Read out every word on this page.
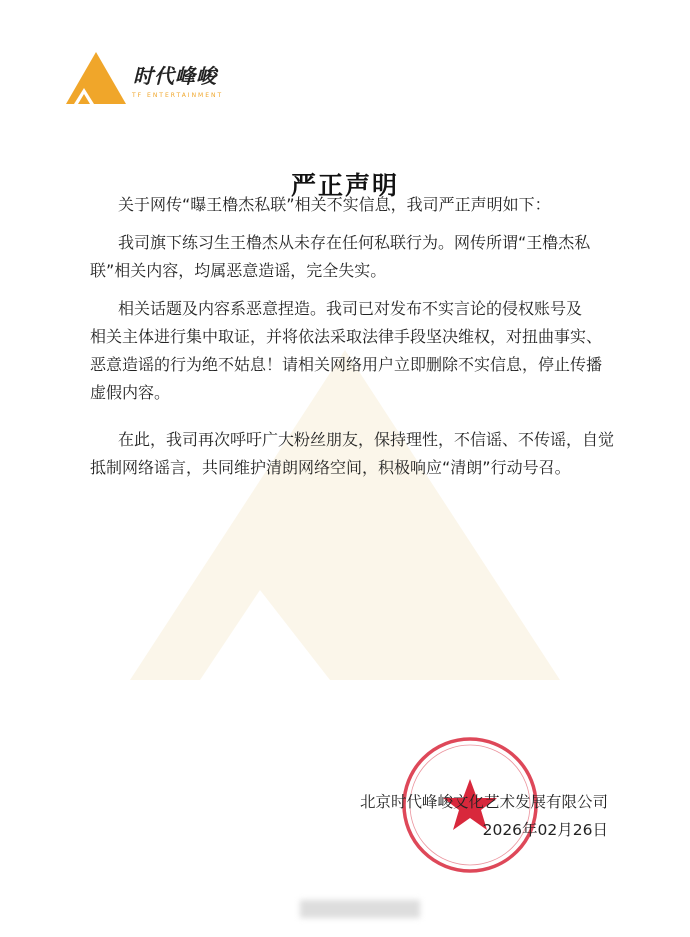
时代峰峻
TF ENTERTAINMENT
严正声明
关于网传“曝王橹杰私联”相关不实信息，我司严正声明如下：
我司旗下练习生王橹杰从未存在任何私联行为。网传所谓“王橹杰私
联”相关内容，均属恶意造谣，完全失实。
相关话题及内容系恶意捏造。我司已对发布不实言论的侵权账号及
相关主体进行集中取证，并将依法采取法律手段坚决维权，对扭曲事实、
恶意造谣的行为绝不姑息！请相关网络用户立即删除不实信息，停止传播
虚假内容。
在此，我司再次呼吁广大粉丝朋友，保持理性，不信谣、不传谣，自觉
抵制网络谣言，共同维护清朗网络空间，积极响应“清朗”行动号召。
北京时代峰峻文化艺术发展有限公司
2026年02月26日
